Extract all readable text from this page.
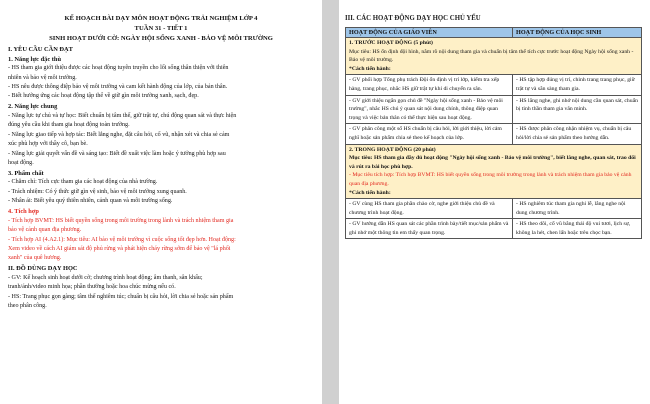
KẾ HOẠCH BÀI DẠY MÔN HOẠT ĐỘNG TRẢI NGHIỆM LỚP 4
TUẦN 31 - TIẾT 1
SINH HOẠT DƯỚI CỜ: NGÀY HỘI SỐNG XANH - BẢO VỆ MÔI TRƯỜNG
I. YÊU CẦU CẦN ĐẠT
1. Năng lực đặc thù
- HS tham gia giới thiệu được các hoạt động tuyên truyền cho lối sống thân thiện với thiên
nhiên và bảo vệ môi trường.
- HS nêu được thông điệp bảo vệ môi trường và cam kết hành động của lớp, của bản thân.
- Biết hưởng ứng các hoạt động tập thể về giữ gìn môi trường xanh, sạch, đẹp.
2. Năng lực chung
- Năng lực tự chủ và tự học: Biết chuẩn bị tâm thế, giữ trật tự, chú động quan sát và thực hiện
đúng yêu cầu khi tham gia hoạt động toàn trường.
- Năng lực giao tiếp và hợp tác: Biết lắng nghe, đặt câu hỏi, cổ vũ, nhận xét và chia sẻ cảm
xúc phù hợp với thầy cô, bạn bè.
- Năng lực giải quyết vấn đề và sáng tạo: Biết đề xuất việc làm hoặc ý tưởng phù hợp sau
hoạt động.
3. Phẩm chất
- Chăm chỉ: Tích cực tham gia các hoạt động của nhà trường.
- Trách nhiệm: Có ý thức giữ gìn vệ sinh, bảo vệ môi trường xung quanh.
- Nhân ái: Biết yêu quý thiên nhiên, cảnh quan và môi trường sống.
4. Tích hợp
- Tích hợp BVMT: HS biết quyền sống trong môi trường trong lành và trách nhiệm tham gia
bảo vệ cảnh quan địa phương.
- Tích hợp AI (4.A2.1): Mục tiêu: AI bảo vệ môi trường vì cuộc sống tốt đẹp hơn. Hoạt động:
Xem video về cách AI giám sát độ phủ rừng và phát hiện cháy rừng sớm để bảo vệ "lá phổi
xanh" của quê hương.
II. ĐỒ DÙNG DẠY HỌC
- GV: Kế hoạch sinh hoạt dưới cờ; chương trình hoạt động; âm thanh, sân khấu;
tranh/ảnh/video minh họa; phần thưởng hoặc hoa chúc mừng nếu có.
- HS: Trang phục gọn gàng; tâm thế nghiêm túc; chuẩn bị câu hỏi, lời chia sẻ hoặc sản phẩm
theo phân công.
III. CÁC HOẠT ĐỘNG DẠY HỌC CHỦ YẾU
HOẠT ĐỘNG CỦA GIÁO VIÊN	HOẠT ĐỘNG CỦA HỌC SINH

1. TRƯỚC HOẠT ĐỘNG (5 phút)
Mục tiêu: HS ổn định đội hình, nắm rõ nội dung tham gia và chuẩn bị tâm thế tích cực trước hoạt động Ngày hội sống xanh - Bảo vệ môi trường.
*Cách tiến hành:	

- GV phối hợp Tổng phụ trách Đội ổn định vị trí lớp, kiểm tra xếp hàng, trang phục, nhắc HS giữ trật tự khi di chuyển ra sân.	- HS tập hợp đúng vị trí, chỉnh trang trang phục, giữ trật tự và sẵn sàng tham gia.
- GV giới thiệu ngắn gọn chủ đề "Ngày hội sống xanh - Bảo vệ môi trường", nhắc HS chú ý quan sát nội dung chính, thông điệp quan trọng và việc bản thân có thể thực hiện sau hoạt động.	- HS lắng nghe, ghi nhớ nội dung cần quan sát, chuẩn bị tinh thần tham gia văn minh.
- GV phân công một số HS chuẩn bị câu hỏi, lời giới thiệu, lời cảm nghĩ hoặc sản phẩm chia sẻ theo kế hoạch của lớp.	- HS được phân công nhận nhiệm vụ, chuẩn bị câu hỏi/lời chia sẻ sản phẩm theo hướng dẫn.

2. TRONG HOẠT ĐỘNG (20 phút)
Mục tiêu: HS tham gia đầy đủ hoạt động "Ngày hội sống xanh - Bảo vệ môi trường", biết lắng nghe, quan sát, trao đổi và rút ra bài học phù hợp.
- Mục tiêu tích hợp: Tích hợp BVMT: HS biết quyền sống trong môi trường trong lành và trách nhiệm tham gia bảo vệ cảnh quan địa phương.
*Cách tiến hành:	

- GV cùng HS tham gia phần chào cờ, nghe giới thiệu chủ đề và chương trình hoạt động.	- HS nghiêm túc tham gia nghi lễ, lắng nghe nội dung chương trình.
- GV hướng dẫn HS quan sát các phần trình bày/tiết mục/sản phẩm và ghi nhớ một thông tin em thấy quan trọng.	- HS theo dõi, cổ vũ bằng thái độ vui tươi, lịch sự, không la hét, chen lấn hoặc trêu chọc bạn.
